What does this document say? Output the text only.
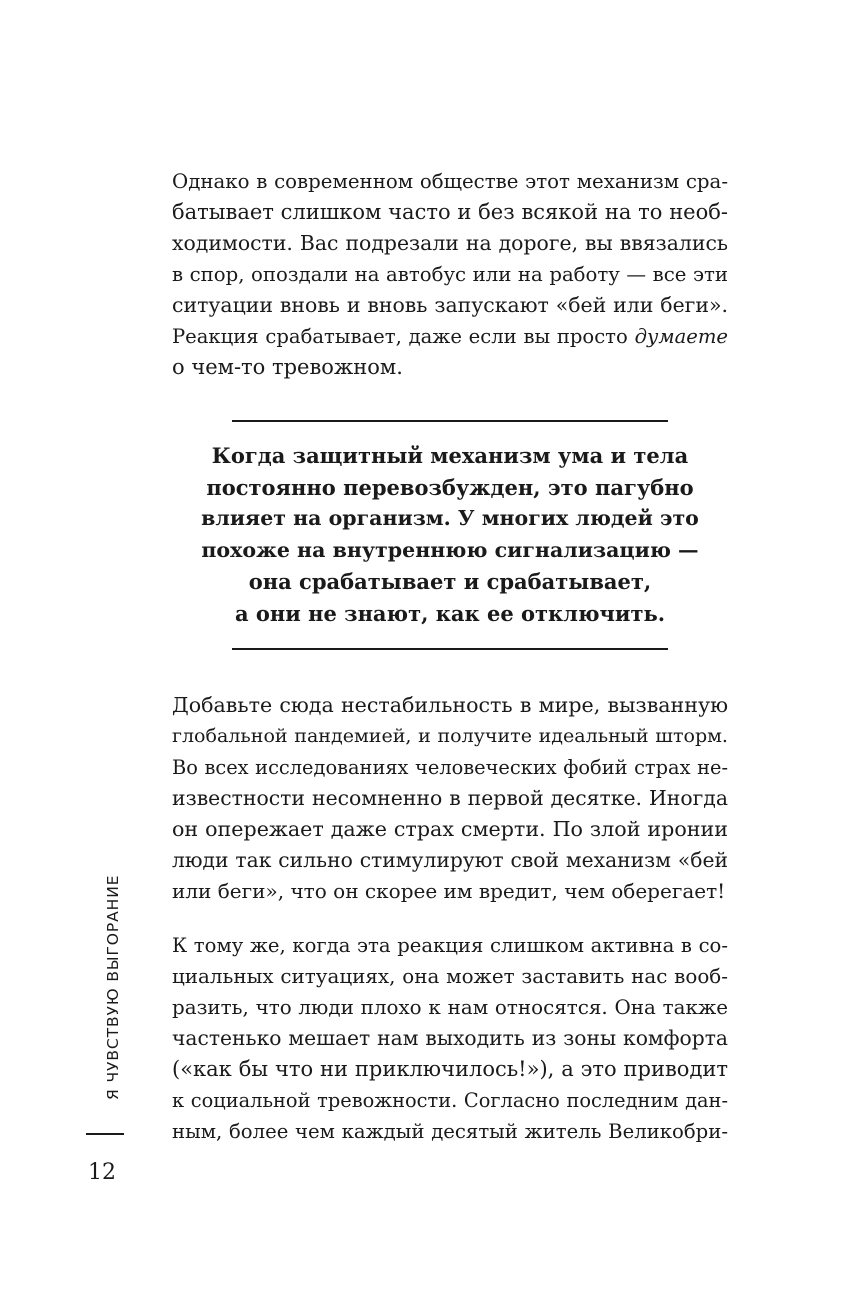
Однако в современном обществе этот механизм сра-
батывает слишком часто и без всякой на то необ-
ходимости. Вас подрезали на дороге, вы ввязались
в спор, опоздали на автобус или на работу — все эти
ситуации вновь и вновь запускают «бей или беги».
Реакция срабатывает, даже если вы просто думаете
о чем-то тревожном.
Когда защитный механизм ума и тела
постоянно перевозбужден, это пагубно
влияет на организм. У многих людей это
похоже на внутреннюю сигнализацию —
она срабатывает и срабатывает,
а они не знают, как ее отключить.
Добавьте сюда нестабильность в мире, вызванную
глобальной пандемией, и получите идеальный шторм.
Во всех исследованиях человеческих фобий страх не-
известности несомненно в первой десятке. Иногда
он опережает даже страх смерти. По злой иронии
люди так сильно стимулируют свой механизм «бей
или беги», что он скорее им вредит, чем оберегает!
К тому же, когда эта реакция слишком активна в со-
циальных ситуациях, она может заставить нас вооб-
разить, что люди плохо к нам относятся. Она также
частенько мешает нам выходить из зоны комфорта
(«как бы что ни приключилось!»), а это приводит
к социальной тревожности. Согласно последним дан-
ным, более чем каждый десятый житель Великобри-
Я ЧУВСТВУЮ ВЫГОРАНИЕ
12
